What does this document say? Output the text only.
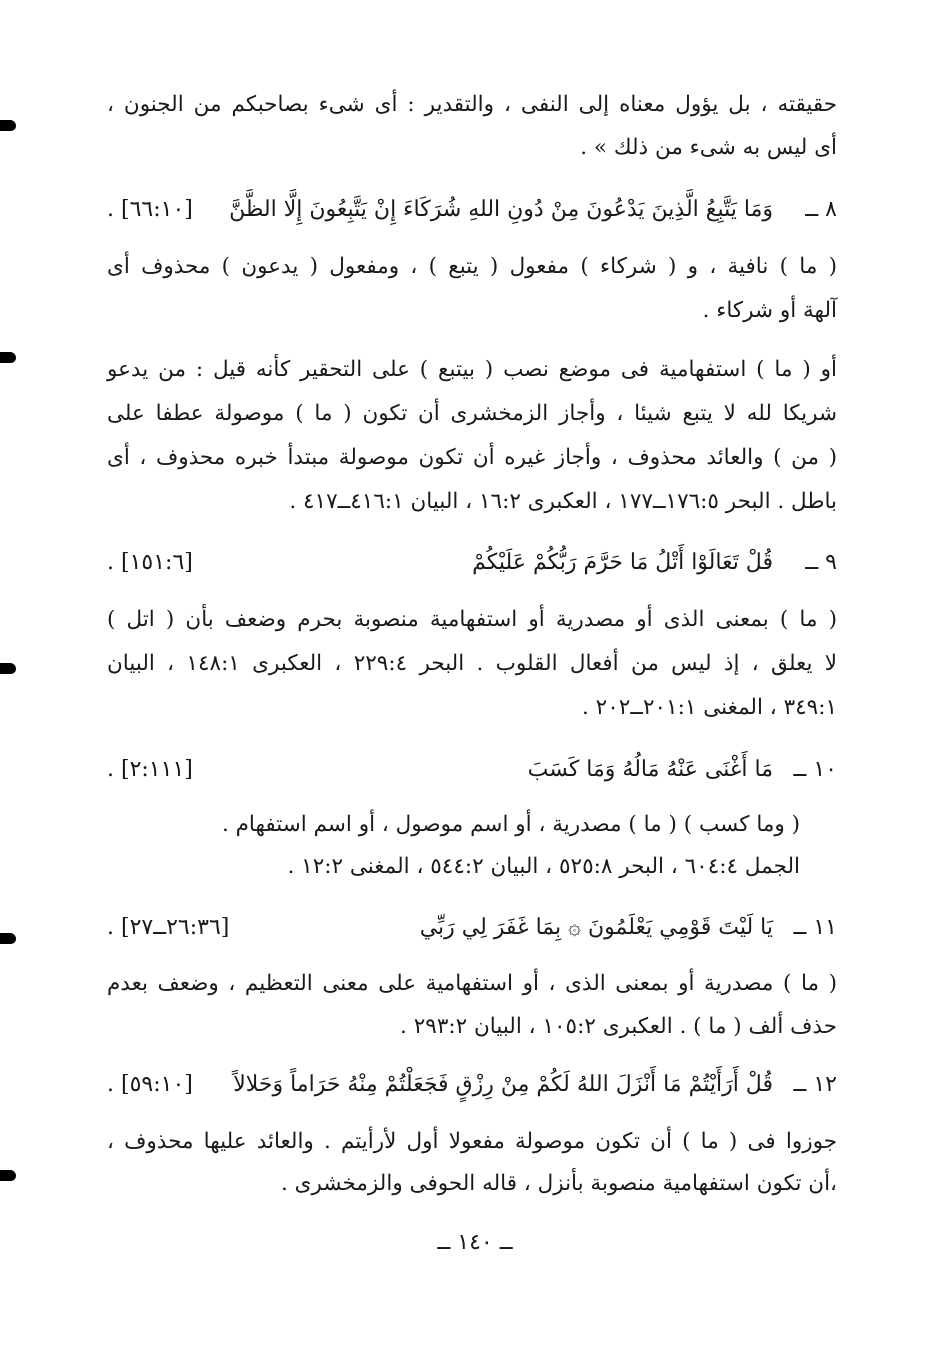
حقيقته ، بل يؤول معناه إلى النفى ، والتقدير : أى شىء بصاحبكم من الجنون ،
أى ليس به شىء من ذلك » .
٨ ــ
وَمَا يَتَّبِعُ الَّذِينَ يَدْعُونَ مِنْ دُونِ اللهِ شُرَكَاءَ إِنْ يَتَّبِعُونَ إِلَّا الظَّنَّ
[٦٦:١٠] .
( ما ) نافية ، و ( شركاء ) مفعول ( يتبع ) ، ومفعول ( يدعون ) محذوف أى
آلهة أو شركاء .
أو ( ما ) استفهامية فى موضع نصب ( بيتبع ) على التحقير كأنه قيل : من يدعو
شريكا لله لا يتبع شيئا ، وأجاز الزمخشرى أن تكون ( ما ) موصولة عطفا على
( من ) والعائد محذوف ، وأجاز غيره أن تكون موصولة مبتدأ خبره محذوف ، أى
باطل . البحر ١٧٦:٥ــ١٧٧ ، العكبرى ١٦:٢ ، البيان ٤١٦:١ــ٤١٧ .
٩ ــ
قُلْ تَعَالَوْا أَتْلُ مَا حَرَّمَ رَبُّكُمْ عَلَيْكُمْ
[١٥١:٦] .
( ما ) بمعنى الذى أو مصدرية أو استفهامية منصوبة بحرم وضعف بأن ( اتل )
لا يعلق ، إذ ليس من أفعال القلوب . البحر ٢٢٩:٤ ، العكبرى ١٤٨:١ ، البيان
٣٤٩:١ ، المغنى ٢٠١:١ــ٢٠٢ .
١٠ ــ
مَا أَغْنَى عَنْهُ مَالُهُ وَمَا كَسَبَ
[٢:١١١] .
( وما كسب ) ( ما ) مصدرية ، أو اسم موصول ، أو اسم استفهام .
الجمل ٦٠٤:٤ ، البحر ٥٢٥:٨ ، البيان ٥٤٤:٢ ، المغنى ١٢:٢ .
١١ ــ
يَا لَيْتَ قَوْمِي يَعْلَمُونَ ۞ بِمَا غَفَرَ لِي رَبِّي
[٢٦:٣٦ــ٢٧] .
( ما ) مصدرية أو بمعنى الذى ، أو استفهامية على معنى التعظيم ، وضعف بعدم
حذف ألف ( ما ) . العكبرى ١٠٥:٢ ، البيان ٢٩٣:٢ .
١٢ ــ
قُلْ أَرَأَيْتُمْ مَا أَنْزَلَ اللهُ لَكُمْ مِنْ رِزْقٍ فَجَعَلْتُمْ مِنْهُ حَرَاماً وَحَلالاً
[٥٩:١٠] .
جوزوا فى ( ما ) أن تكون موصولة مفعولا أول لأرأيتم . والعائد عليها محذوف ،
،أن تكون استفهامية منصوبة بأنزل ، قاله الحوفى والزمخشرى .
ــ ١٤٠ ــ
